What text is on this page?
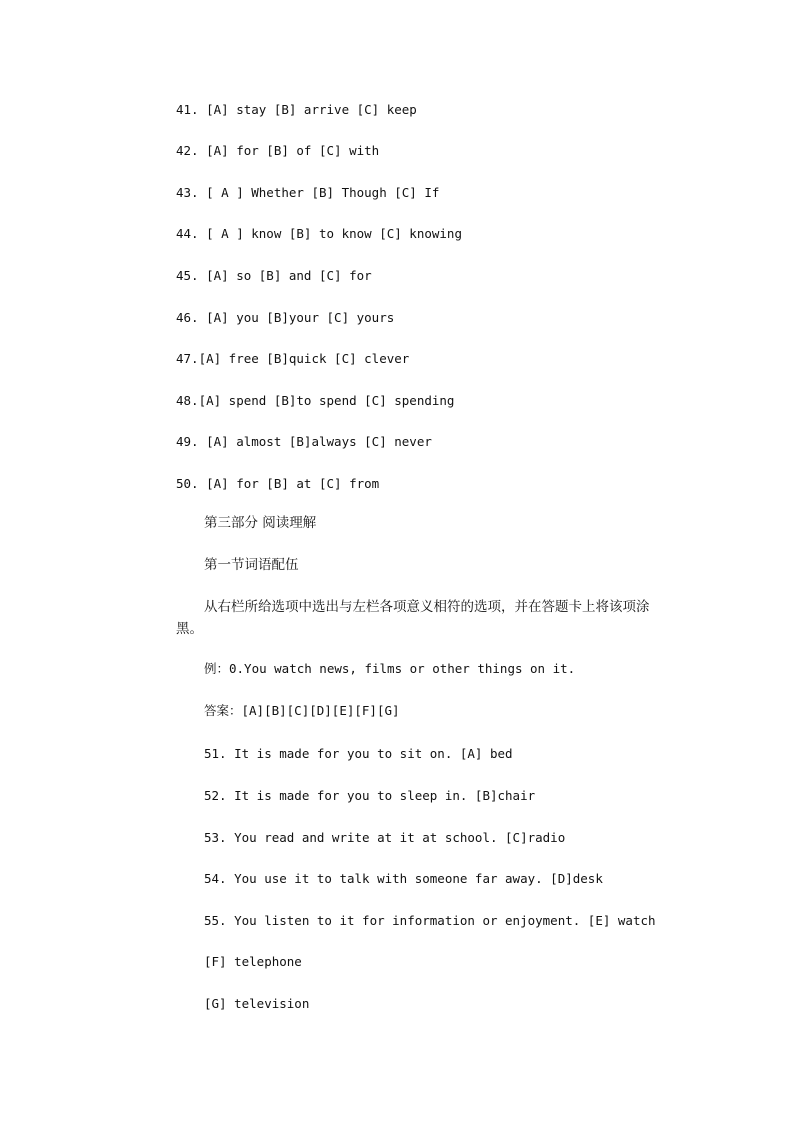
41. [A] stay [B] arrive [C] keep
42. [A] for [B] of [C] with
43. [ A ] Whether [B] Though [C] If
44. [ A ] know [B] to know [C] knowing
45. [A] so [B] and [C] for
46. [A] you [B]your [C] yours
47.[A] free [B]quick [C] clever
48.[A] spend [B]to spend [C] spending
49. [A] almost [B]always [C] never
50. [A] for [B] at [C] from
第三部分 阅读理解
第一节词语配伍
从右栏所给选项中选出与左栏各项意义相符的选项，并在答题卡上将该项涂黑。
例：0.You watch news, films or other things on it.
答案：[A][B][C][D][E][F][G]
51. It is made for you to sit on. [A] bed
52. It is made for you to sleep in. [B]chair
53. You read and write at it at school. [C]radio
54. You use it to talk with someone far away. [D]desk
55. You listen to it for information or enjoyment. [E] watch
[F] telephone
[G] television
